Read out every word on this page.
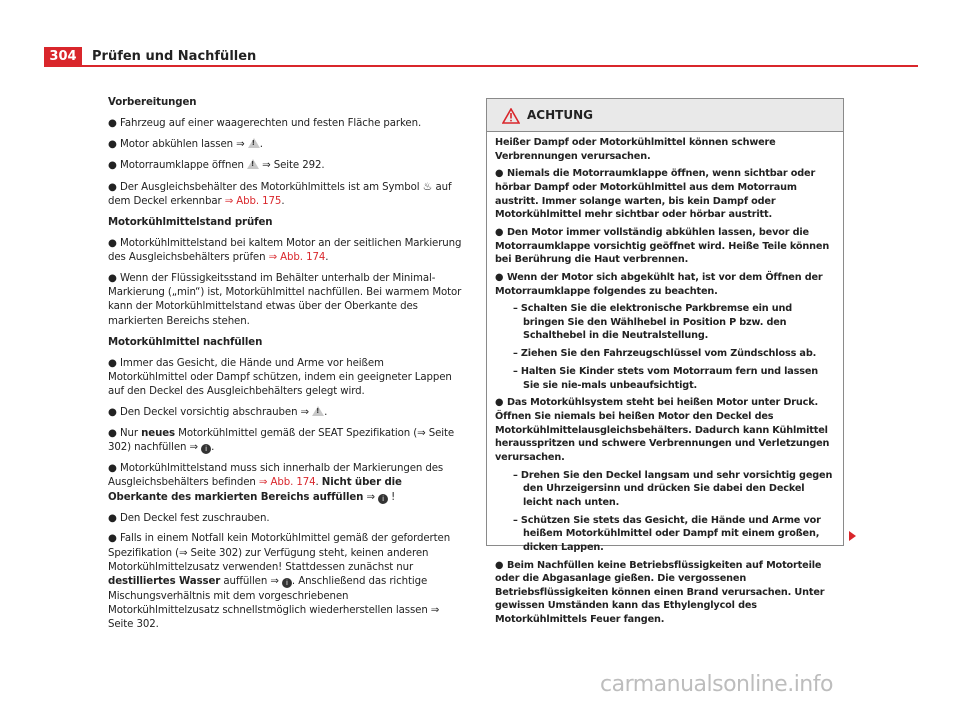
304	Prüfen und Nachfüllen

Vorbereitungen

● Fahrzeug auf einer waagerechten und festen Fläche parken.

● Motor abkühlen lassen ⇒ ! .

● Motorraumklappe öffnen ! ⇒ Seite 292.

● Der Ausgleichsbehälter des Motorkühlmittels ist am Symbol ♨ auf dem Deckel erkennbar ⇒ Abb. 175.

Motorkühlmittelstand prüfen

● Motorkühlmittelstand bei kaltem Motor an der seitlichen Markierung des Ausgleichsbehälters prüfen ⇒ Abb. 174.

● Wenn der Flüssigkeitsstand im Behälter unterhalb der Minimal-Markierung („min“) ist, Motorkühlmittel nachfüllen. Bei warmem Motor kann der Motorkühlmittelstand etwas über der Oberkante des markierten Bereichs stehen.

Motorkühlmittel nachfüllen

● Immer das Gesicht, die Hände und Arme vor heißem Motorkühlmittel oder Dampf schützen, indem ein geeigneter Lappen auf den Deckel des Ausgleichbehälters gelegt wird.

● Den Deckel vorsichtig abschrauben ⇒ ! .

● Nur neues Motorkühlmittel gemäß der SEAT Spezifikation (⇒ Seite 302) nachfüllen ⇒ i .

● Motorkühlmittelstand muss sich innerhalb der Markierungen des Ausgleichsbehälters befinden ⇒ Abb. 174. Nicht über die Oberkante des markierten Bereichs auffüllen ⇒ i !

● Den Deckel fest zuschrauben.

● Falls in einem Notfall kein Motorkühlmittel gemäß der geforderten Spezifikation (⇒ Seite 302) zur Verfügung steht, keinen anderen Motorkühlmittelzusatz verwenden! Stattdessen zunächst nur destilliertes Wasser auffüllen ⇒ i . Anschließend das richtige Mischungsverhältnis mit dem vorgeschriebenen Motorkühlmittelzusatz schnellstmöglich wiederherstellen lassen ⇒ Seite 302.

ACHTUNG

Heißer Dampf oder Motorkühlmittel können schwere Verbrennungen verursachen.

● Niemals die Motorraumklappe öffnen, wenn sichtbar oder hörbar Dampf oder Motorkühlmittel aus dem Motorraum austritt. Immer solange warten, bis kein Dampf oder Motorkühlmittel mehr sichtbar oder hörbar austritt.

● Den Motor immer vollständig abkühlen lassen, bevor die Motorraumklappe vorsichtig geöffnet wird. Heiße Teile können bei Berührung die Haut verbrennen.

● Wenn der Motor sich abgekühlt hat, ist vor dem Öffnen der Motorraumklappe folgendes zu beachten.

– Schalten Sie die elektronische Parkbremse ein und bringen Sie den Wählhebel in Position P bzw. den Schalthebel in die Neutralstellung.

– Ziehen Sie den Fahrzeugschlüssel vom Zündschloss ab.

– Halten Sie Kinder stets vom Motorraum fern und lassen Sie sie nie-mals unbeaufsichtigt.

● Das Motorkühlsystem steht bei heißen Motor unter Druck. Öffnen Sie niemals bei heißen Motor den Deckel des Motorkühlmittelausgleichsbehälters. Dadurch kann Kühlmittel herausspritzen und schwere Verbrennungen und Verletzungen verursachen.

– Drehen Sie den Deckel langsam und sehr vorsichtig gegen den Uhrzeigersinn und drücken Sie dabei den Deckel leicht nach unten.

– Schützen Sie stets das Gesicht, die Hände und Arme vor heißem Motorkühlmittel oder Dampf mit einem großen, dicken Lappen.

● Beim Nachfüllen keine Betriebsflüssigkeiten auf Motorteile oder die Abgasanlage gießen. Die vergossenen Betriebsflüssigkeiten können einen Brand verursachen. Unter gewissen Umständen kann das Ethylenglycol des Motorkühlmittels Feuer fangen.

carmanualsonline.info
